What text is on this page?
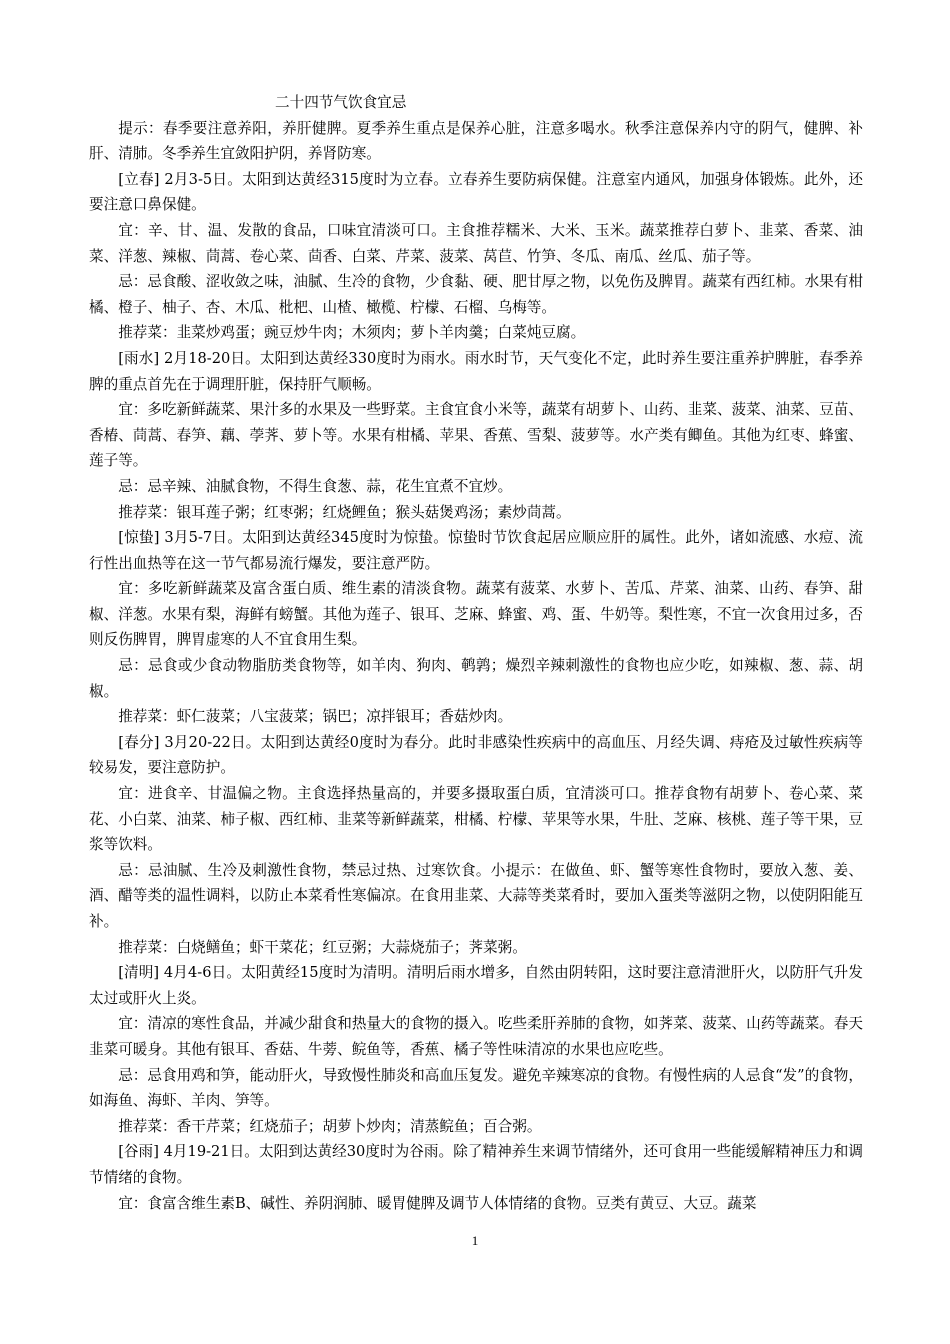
二十四节气饮食宜忌

提示：春季要注意养阳，养肝健脾。夏季养生重点是保养心脏，注意多喝水。秋季注意保养内守的阴气，健脾、补肝、清肺。冬季养生宜敛阳护阴，养肾防寒。

[立春] 2月3-5日。太阳到达黄经315度时为立春。立春养生要防病保健。注意室内通风，加强身体锻炼。此外，还要注意口鼻保健。

宜：辛、甘、温、发散的食品，口味宜清淡可口。主食推荐糯米、大米、玉米。蔬菜推荐白萝卜、韭菜、香菜、油菜、洋葱、辣椒、茼蒿、卷心菜、茴香、白菜、芹菜、菠菜、莴苣、竹笋、冬瓜、南瓜、丝瓜、茄子等。

忌：忌食酸、涩收敛之味，油腻、生冷的食物，少食黏、硬、肥甘厚之物，以免伤及脾胃。蔬菜有西红柿。水果有柑橘、橙子、柚子、杏、木瓜、枇杷、山楂、橄榄、柠檬、石榴、乌梅等。

推荐菜：韭菜炒鸡蛋；豌豆炒牛肉；木须肉；萝卜羊肉羹；白菜炖豆腐。

[雨水] 2月18-20日。太阳到达黄经330度时为雨水。雨水时节，天气变化不定，此时养生要注重养护脾脏，春季养脾的重点首先在于调理肝脏，保持肝气顺畅。

宜：多吃新鲜蔬菜、果汁多的水果及一些野菜。主食宜食小米等，蔬菜有胡萝卜、山药、韭菜、菠菜、油菜、豆苗、香椿、茼蒿、春笋、藕、荸荠、萝卜等。水果有柑橘、苹果、香蕉、雪梨、菠萝等。水产类有鲫鱼。其他为红枣、蜂蜜、莲子等。

忌：忌辛辣、油腻食物，不得生食葱、蒜，花生宜煮不宜炒。

推荐菜：银耳莲子粥；红枣粥；红烧鲤鱼；猴头菇煲鸡汤；素炒茼蒿。

[惊蛰] 3月5-7日。太阳到达黄经345度时为惊蛰。惊蛰时节饮食起居应顺应肝的属性。此外，诸如流感、水痘、流行性出血热等在这一节气都易流行爆发，要注意严防。

宜：多吃新鲜蔬菜及富含蛋白质、维生素的清淡食物。蔬菜有菠菜、水萝卜、苦瓜、芹菜、油菜、山药、春笋、甜椒、洋葱。水果有梨，海鲜有螃蟹。其他为莲子、银耳、芝麻、蜂蜜、鸡、蛋、牛奶等。梨性寒，不宜一次食用过多，否则反伤脾胃，脾胃虚寒的人不宜食用生梨。

忌：忌食或少食动物脂肪类食物等，如羊肉、狗肉、鹌鹑；燥烈辛辣刺激性的食物也应少吃，如辣椒、葱、蒜、胡椒。

推荐菜：虾仁菠菜；八宝菠菜；锅巴；凉拌银耳；香菇炒肉。

[春分] 3月20-22日。太阳到达黄经0度时为春分。此时非感染性疾病中的高血压、月经失调、痔疮及过敏性疾病等较易发，要注意防护。

宜：进食辛、甘温偏之物。主食选择热量高的，并要多摄取蛋白质，宜清淡可口。推荐食物有胡萝卜、卷心菜、菜花、小白菜、油菜、柿子椒、西红柿、韭菜等新鲜蔬菜，柑橘、柠檬、苹果等水果，牛肚、芝麻、核桃、莲子等干果，豆浆等饮料。

忌：忌油腻、生冷及刺激性食物，禁忌过热、过寒饮食。小提示：在做鱼、虾、蟹等寒性食物时，要放入葱、姜、酒、醋等类的温性调料，以防止本菜肴性寒偏凉。在食用韭菜、大蒜等类菜肴时，要加入蛋类等滋阴之物，以使阴阳能互补。

推荐菜：白烧鳝鱼；虾干菜花；红豆粥；大蒜烧茄子；荠菜粥。

[清明] 4月4-6日。太阳黄经15度时为清明。清明后雨水增多，自然由阴转阳，这时要注意清泄肝火，以防肝气升发太过或肝火上炎。

宜：清凉的寒性食品，并减少甜食和热量大的食物的摄入。吃些柔肝养肺的食物，如荠菜、菠菜、山药等蔬菜。春天韭菜可暖身。其他有银耳、香菇、牛蒡、鲩鱼等，香蕉、橘子等性味清凉的水果也应吃些。

忌：忌食用鸡和笋，能动肝火，导致慢性肺炎和高血压复发。避免辛辣寒凉的食物。有慢性病的人忌食“发”的食物，如海鱼、海虾、羊肉、笋等。

推荐菜：香干芹菜；红烧茄子；胡萝卜炒肉；清蒸鲩鱼；百合粥。

[谷雨] 4月19-21日。太阳到达黄经30度时为谷雨。除了精神养生来调节情绪外，还可食用一些能缓解精神压力和调节情绪的食物。

宜：食富含维生素B、碱性、养阴润肺、暖胃健脾及调节人体情绪的食物。豆类有黄豆、大豆。蔬菜

1
